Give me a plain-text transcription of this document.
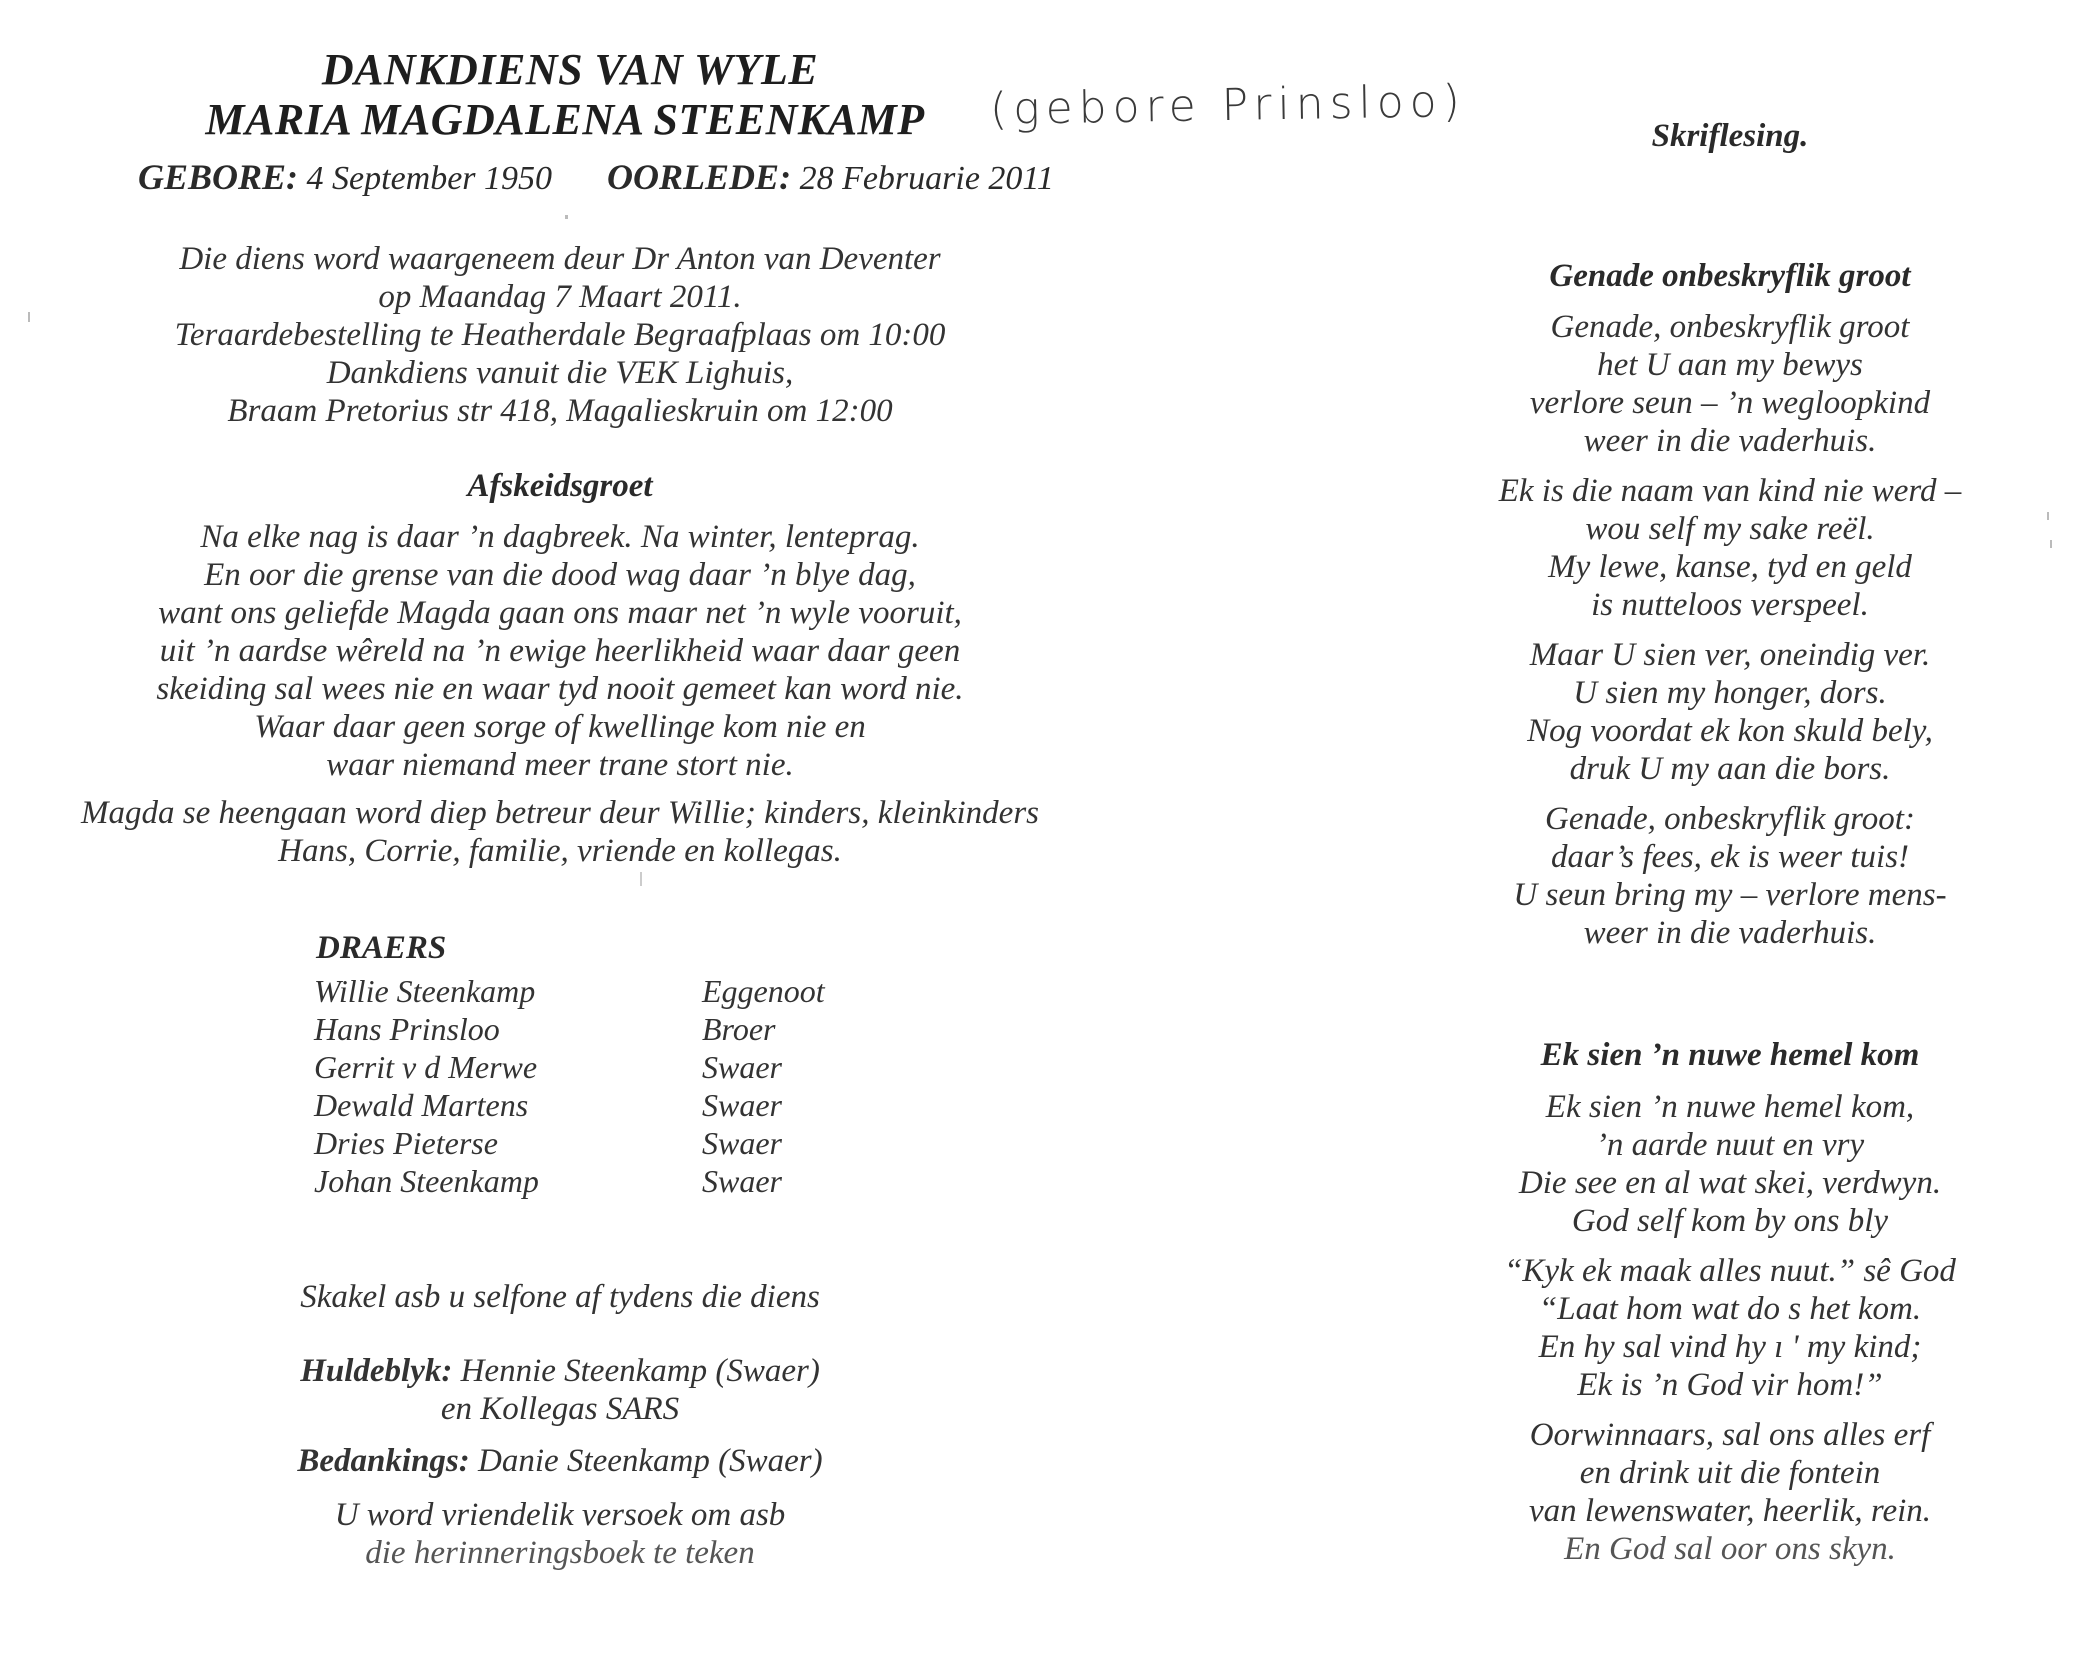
DANKDIENS VAN WYLE
MARIA MAGDALENA STEENKAMP (gebore Prinsloo)
GEBORE: 4 September 1950 OORLEDE: 28 Februarie 2011
Die diens word waargeneem deur Dr Anton van Deventer
op Maandag 7 Maart 2011.
Teraardebestelling te Heatherdale Begraafplaas om 10:00
Dankdiens vanuit die VEK Lighuis,
Braam Pretorius str 418, Magalieskruin om 12:00
Afskeidsgroet
Na elke nag is daar ’n dagbreek. Na winter, lenteprag.
En oor die grense van die dood wag daar ’n blye dag,
want ons geliefde Magda gaan ons maar net ’n wyle vooruit,
uit ’n aardse wêreld na ’n ewige heerlikheid waar daar geen
skeiding sal wees nie en waar tyd nooit gemeet kan word nie.
Waar daar geen sorge of kwellinge kom nie en
waar niemand meer trane stort nie.
Magda se heengaan word diep betreur deur Willie; kinders, kleinkinders
Hans, Corrie, familie, vriende en kollegas.
DRAERS
Willie Steenkamp	Eggenoot
Hans Prinsloo	Broer
Gerrit v d Merwe	Swaer
Dewald Martens	Swaer
Dries Pieterse	Swaer
Johan Steenkamp	Swaer
Skakel asb u selfone af tydens die diens
Huldeblyk: Hennie Steenkamp (Swaer)
en Kollegas SARS
Bedankings: Danie Steenkamp (Swaer)
U word vriendelik versoek om asb
die herinneringsboek te teken
Skriflesing.
Genade onbeskryflik groot
Genade, onbeskryflik groot
het U aan my bewys
verlore seun – ’n wegloopkind
weer in die vaderhuis.
Ek is die naam van kind nie werd –
wou self my sake reël.
My lewe, kanse, tyd en geld
is nutteloos verspeel.
Maar U sien ver, oneindig ver.
U sien my honger, dors.
Nog voordat ek kon skuld bely,
druk U my aan die bors.
Genade, onbeskryflik groot:
daar’s fees, ek is weer tuis!
U seun bring my – verlore mens-
weer in die vaderhuis.
Ek sien ’n nuwe hemel kom
Ek sien ’n nuwe hemel kom,
’n aarde nuut en vry
Die see en al wat skei, verdwyn.
God self kom by ons bly
“Kyk ek maak alles nuut.” sê God
“Laat hom wat do s het kom.
En hy sal vind hy ı ' my kind;
Ek is ’n God vir hom!”
Oorwinnaars, sal ons alles erf
en drink uit die fontein
van lewenswater, heerlik, rein.
En God sal oor ons skyn.
